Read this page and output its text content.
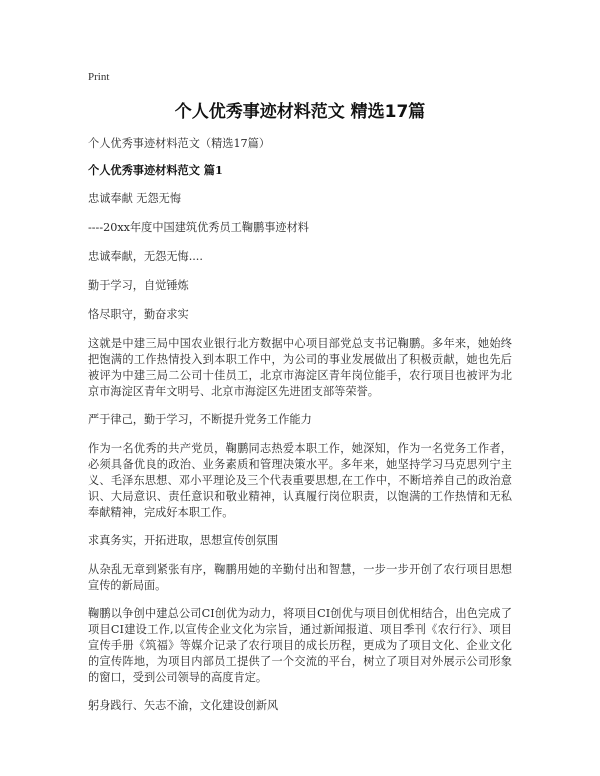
Print
个人优秀事迹材料范文 精选17篇
个人优秀事迹材料范文（精选17篇）
个人优秀事迹材料范文 篇1
忠诚奉献 无怨无悔
----20xx年度中国建筑优秀员工鞠鹏事迹材料
忠诚奉献，无怨无悔....
勤于学习，自觉锤炼
恪尽职守，勤奋求实
这就是中建三局中国农业银行北方数据中心项目部党总支书记鞠鹏。多年来，她始终把饱满的工作热情投入到本职工作中，为公司的事业发展做出了积极贡献，她也先后被评为中建三局二公司十佳员工，北京市海淀区青年岗位能手，农行项目也被评为北京市海淀区青年文明号、北京市海淀区先进团支部等荣誉。
严于律己，勤于学习，不断提升党务工作能力
作为一名优秀的共产党员，鞠鹏同志热爱本职工作，她深知，作为一名党务工作者，必须具备优良的政治、业务素质和管理决策水平。多年来，她坚持学习马克思列宁主义、毛泽东思想、邓小平理论及三个代表重要思想,在工作中，不断培养自己的政治意识、大局意识、责任意识和敬业精神，认真履行岗位职责，以饱满的工作热情和无私奉献精神，完成好本职工作。
求真务实，开拓进取，思想宣传创氛围
从杂乱无章到紧张有序，鞠鹏用她的辛勤付出和智慧，一步一步开创了农行项目思想宣传的新局面。
鞠鹏以争创中建总公司CI创优为动力，将项目CI创优与项目创优相结合，出色完成了项目CI建设工作,以宣传企业文化为宗旨，通过新闻报道、项目季刊《农行行》、项目宣传手册《筑福》等媒介记录了农行项目的成长历程，更成为了项目文化、企业文化的宣传阵地，为项目内部员工提供了一个交流的平台，树立了项目对外展示公司形象的窗口，受到公司领导的高度肯定。
躬身践行、矢志不渝，文化建设创新风
